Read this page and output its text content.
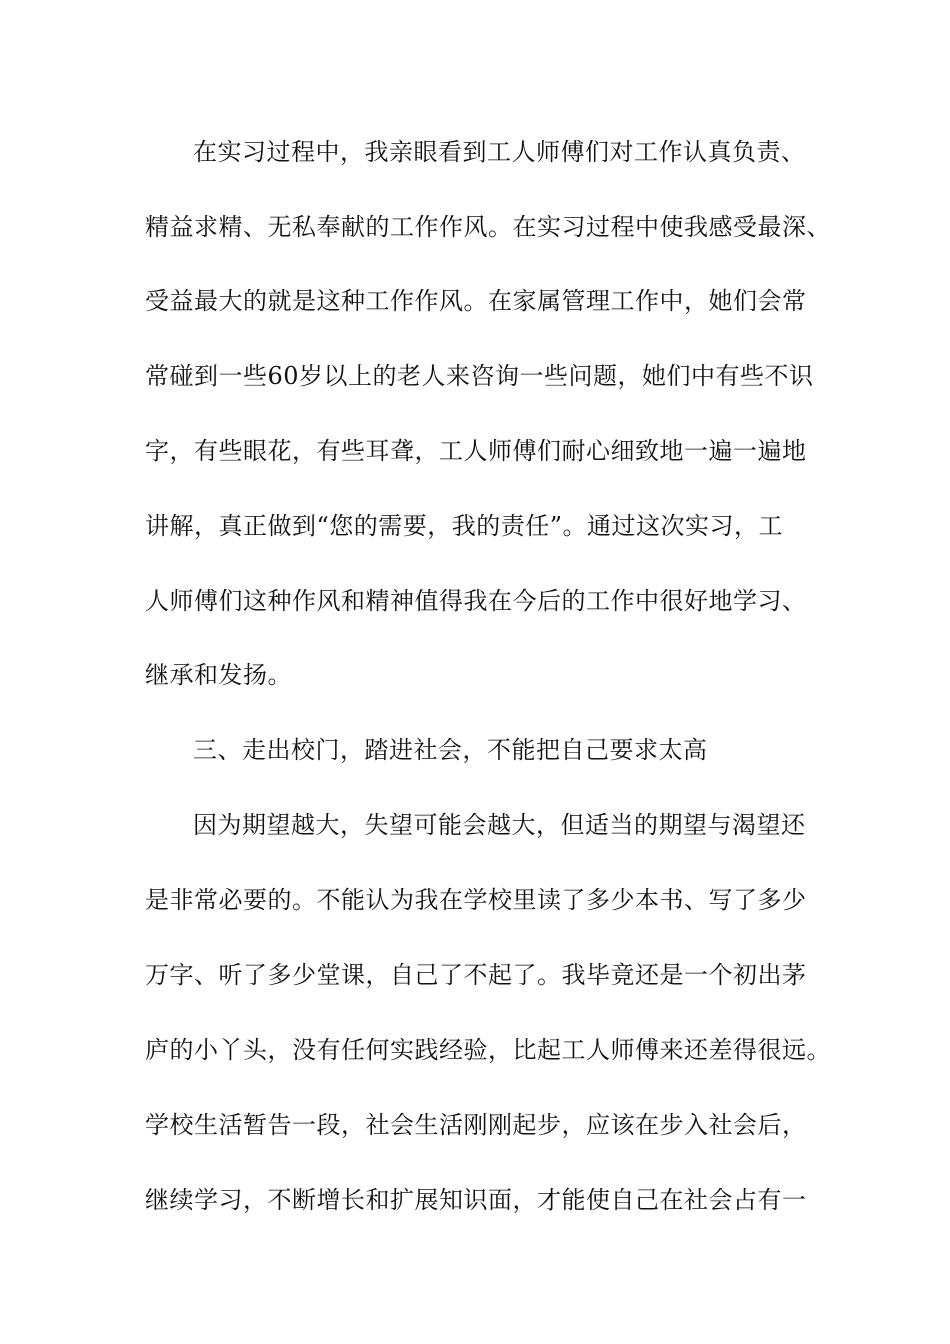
在实习过程中，我亲眼看到工人师傅们对工作认真负责、
精益求精、无私奉献的工作作风。在实习过程中使我感受最深、
受益最大的就是这种工作作风。在家属管理工作中，她们会常
常碰到一些60岁以上的老人来咨询一些问题，她们中有些不识
字，有些眼花，有些耳聋，工人师傅们耐心细致地一遍一遍地
讲解，真正做到“您的需要，我的责任”。通过这次实习，工
人师傅们这种作风和精神值得我在今后的工作中很好地学习、
继承和发扬。
三、走出校门，踏进社会，不能把自己要求太高
因为期望越大，失望可能会越大，但适当的期望与渴望还
是非常必要的。不能认为我在学校里读了多少本书、写了多少
万字、听了多少堂课，自己了不起了。我毕竟还是一个初出茅
庐的小丫头，没有任何实践经验，比起工人师傅来还差得很远。
学校生活暂告一段，社会生活刚刚起步，应该在步入社会后，
继续学习，不断增长和扩展知识面，才能使自己在社会占有一
